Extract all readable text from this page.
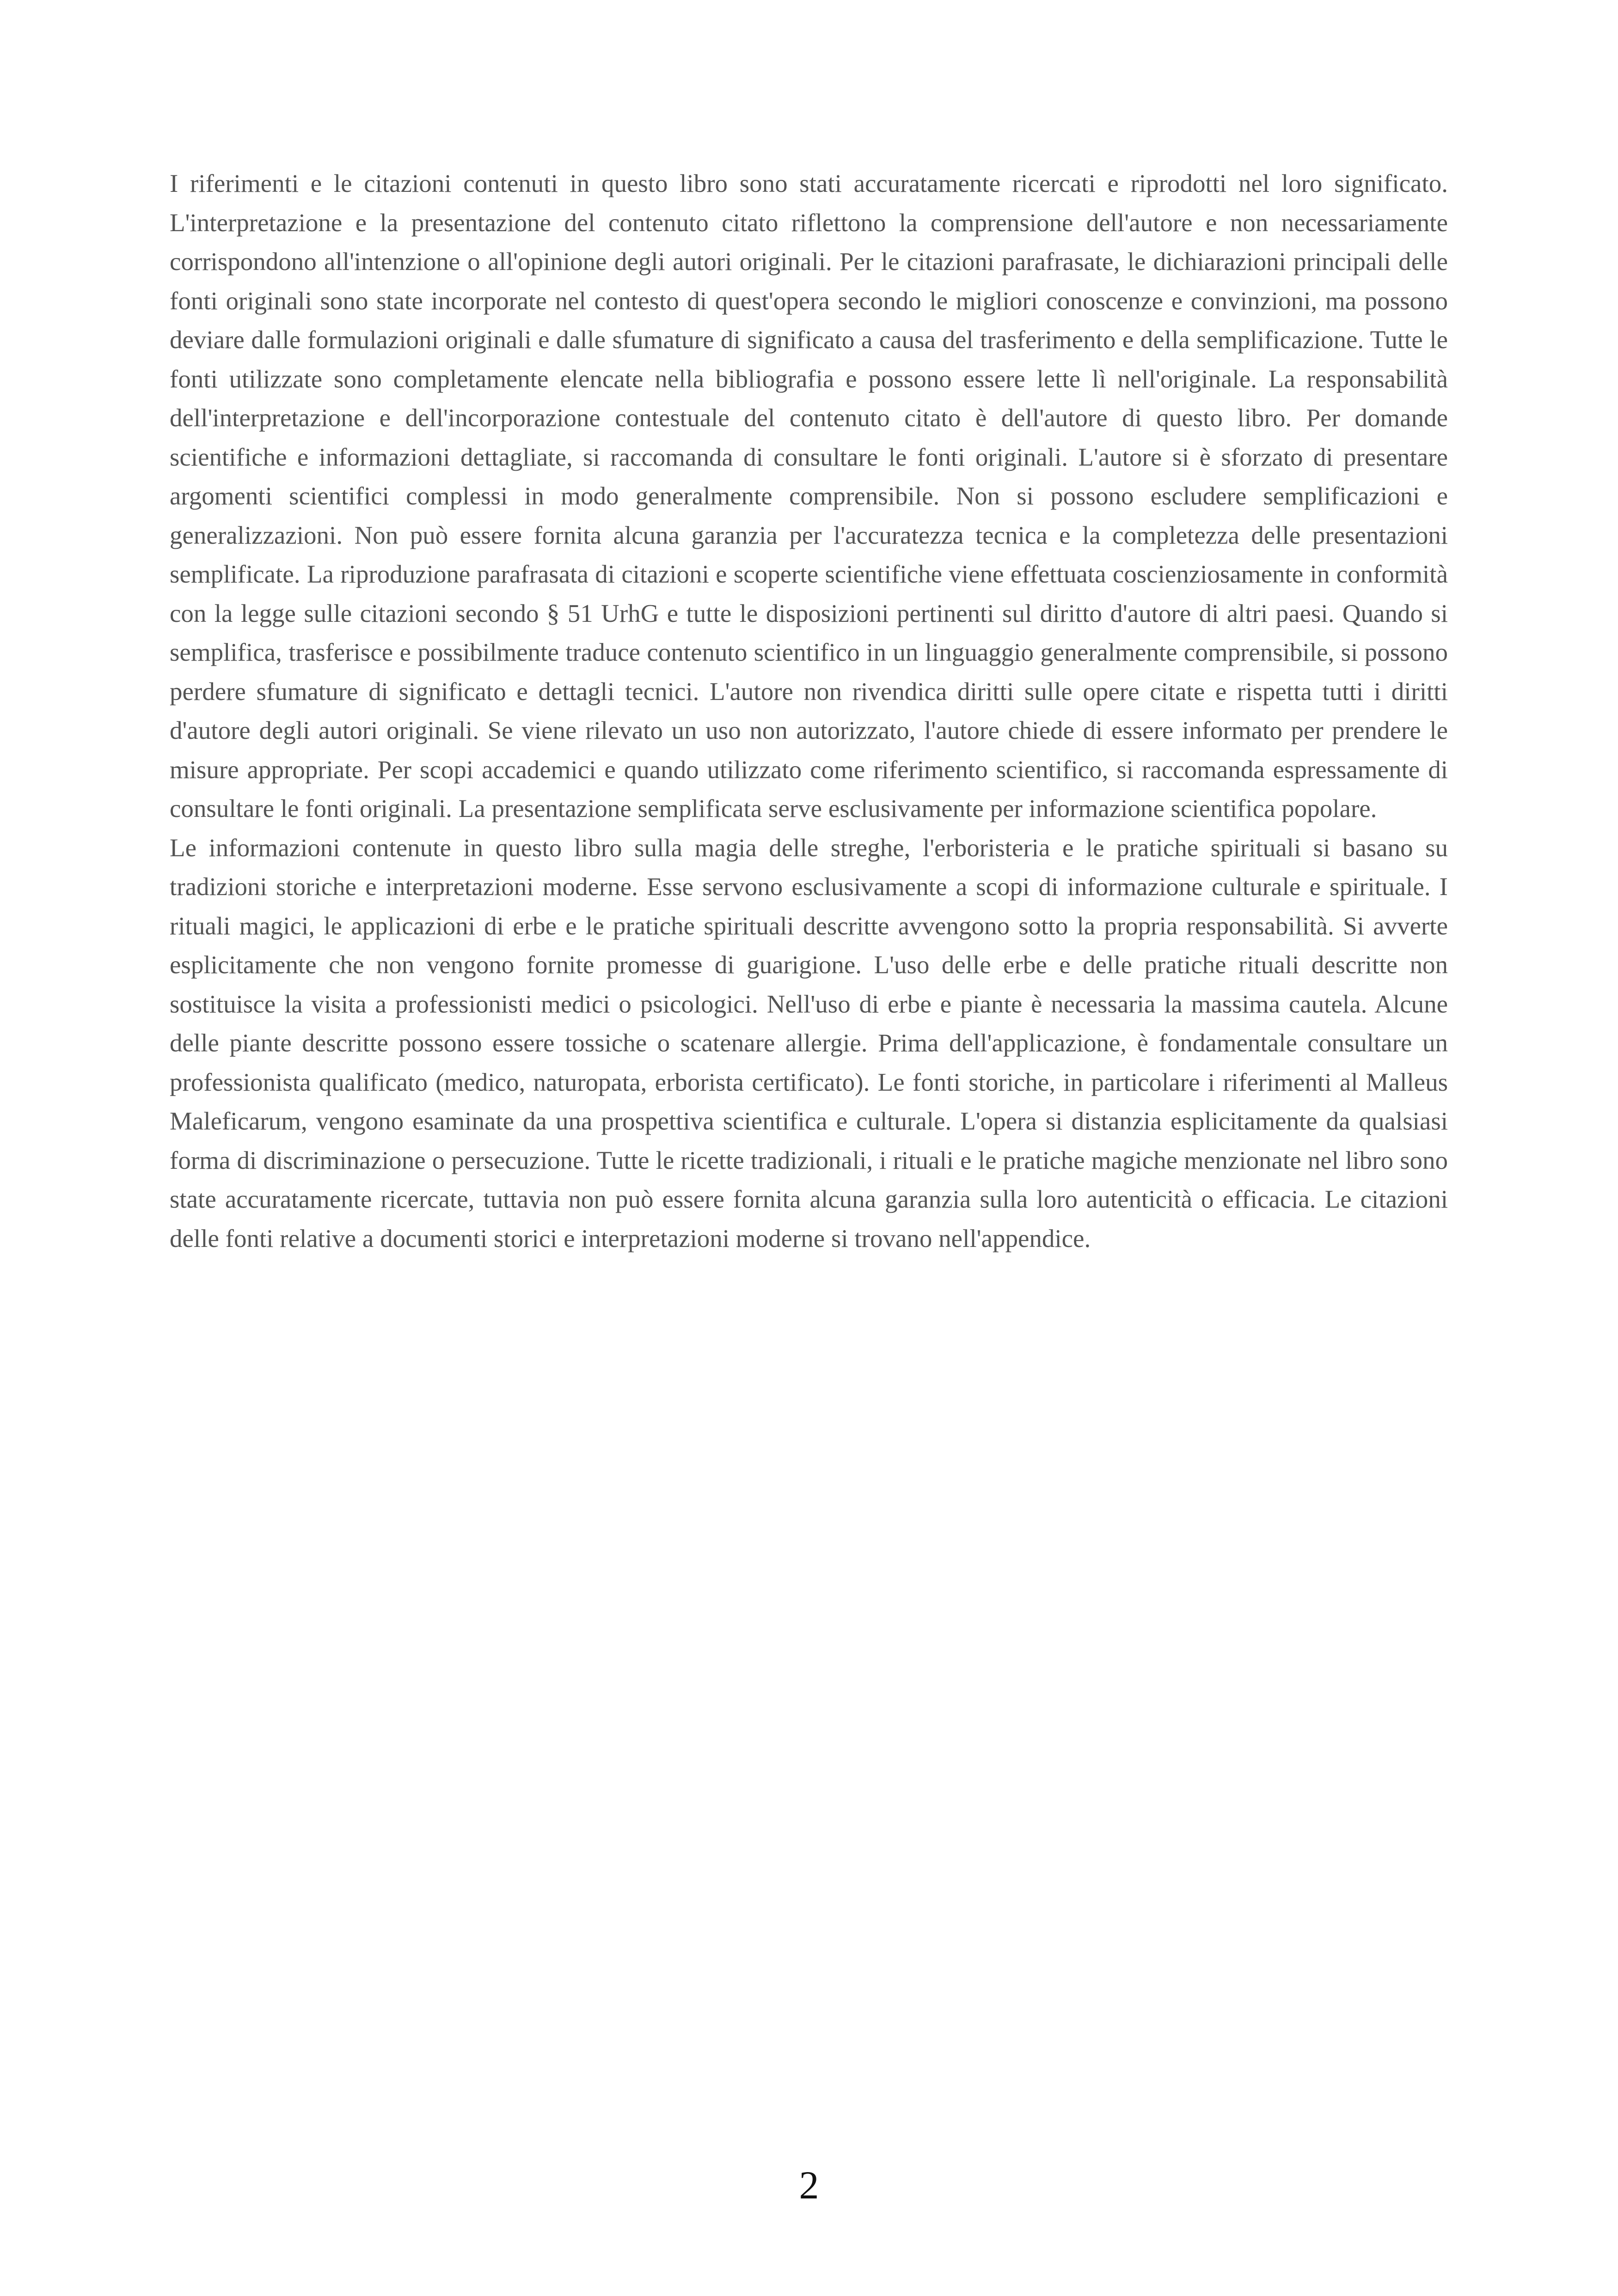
I riferimenti e le citazioni contenuti in questo libro sono stati accuratamente ricercati e riprodotti nel loro significato. L'interpretazione e la presentazione del contenuto citato riflettono la comprensione dell'autore e non necessariamente corrispondono all'intenzione o all'opinione degli autori originali. Per le citazioni parafrasate, le dichiarazioni principali delle fonti originali sono state incorporate nel contesto di quest'opera secondo le migliori conoscenze e convinzioni, ma possono deviare dalle formulazioni originali e dalle sfumature di significato a causa del trasferimento e della semplificazione. Tutte le fonti utilizzate sono completamente elencate nella bibliografia e possono essere lette lì nell'originale. La responsabilità dell'interpretazione e dell'incorporazione contestuale del contenuto citato è dell'autore di questo libro. Per domande scientifiche e informazioni dettagliate, si raccomanda di consultare le fonti originali. L'autore si è sforzato di presentare argomenti scientifici complessi in modo generalmente comprensibile. Non si possono escludere semplificazioni e generalizzazioni. Non può essere fornita alcuna garanzia per l'accuratezza tecnica e la completezza delle presentazioni semplificate. La riproduzione parafrasata di citazioni e scoperte scientifiche viene effettuata coscienziosamente in conformità con la legge sulle citazioni secondo § 51 UrhG e tutte le disposizioni pertinenti sul diritto d'autore di altri paesi. Quando si semplifica, trasferisce e possibilmente traduce contenuto scientifico in un linguaggio generalmente comprensibile, si possono perdere sfumature di significato e dettagli tecnici. L'autore non rivendica diritti sulle opere citate e rispetta tutti i diritti d'autore degli autori originali. Se viene rilevato un uso non autorizzato, l'autore chiede di essere informato per prendere le misure appropriate. Per scopi accademici e quando utilizzato come riferimento scientifico, si raccomanda espressamente di consultare le fonti originali. La presentazione semplificata serve esclusivamente per informazione scientifica popolare.

Le informazioni contenute in questo libro sulla magia delle streghe, l'erboristeria e le pratiche spirituali si basano su tradizioni storiche e interpretazioni moderne. Esse servono esclusivamente a scopi di informazione culturale e spirituale. I rituali magici, le applicazioni di erbe e le pratiche spirituali descritte avvengono sotto la propria responsabilità. Si avverte esplicitamente che non vengono fornite promesse di guarigione. L'uso delle erbe e delle pratiche rituali descritte non sostituisce la visita a professionisti medici o psicologici. Nell'uso di erbe e piante è necessaria la massima cautela. Alcune delle piante descritte possono essere tossiche o scatenare allergie. Prima dell'applicazione, è fondamentale consultare un professionista qualificato (medico, naturopata, erborista certificato). Le fonti storiche, in particolare i riferimenti al Malleus Maleficarum, vengono esaminate da una prospettiva scientifica e culturale. L'opera si distanzia esplicitamente da qualsiasi forma di discriminazione o persecuzione. Tutte le ricette tradizionali, i rituali e le pratiche magiche menzionate nel libro sono state accuratamente ricercate, tuttavia non può essere fornita alcuna garanzia sulla loro autenticità o efficacia. Le citazioni delle fonti relative a documenti storici e interpretazioni moderne si trovano nell'appendice.

2
